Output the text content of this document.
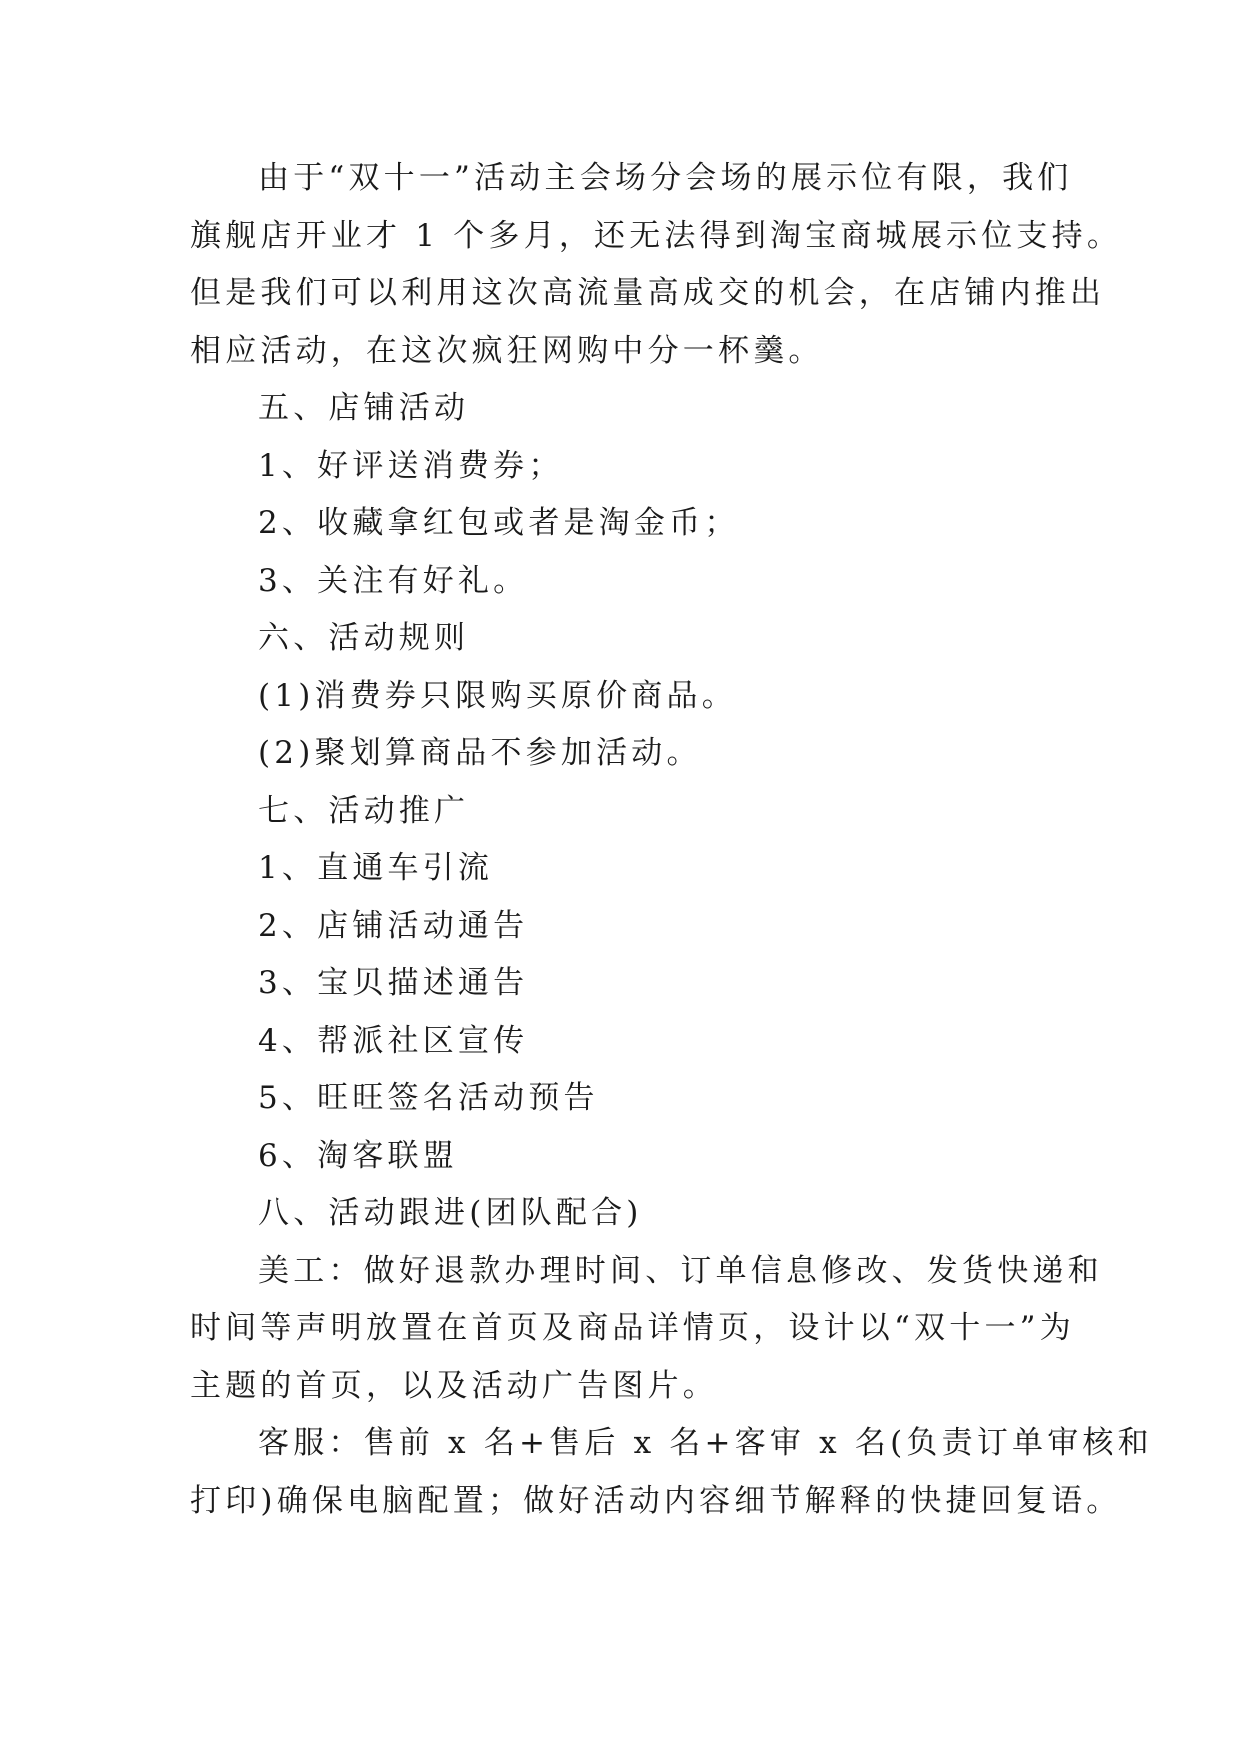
由于“双十一”活动主会场分会场的展示位有限，我们
旗舰店开业才 1 个多月，还无法得到淘宝商城展示位支持。
但是我们可以利用这次高流量高成交的机会，在店铺内推出
相应活动，在这次疯狂网购中分一杯羹。

五、店铺活动

1、好评送消费券；

2、收藏拿红包或者是淘金币；

3、关注有好礼。

六、活动规则

(1)消费券只限购买原价商品。

(2)聚划算商品不参加活动。

七、活动推广

1、直通车引流

2、店铺活动通告

3、宝贝描述通告

4、帮派社区宣传

5、旺旺签名活动预告

6、淘客联盟

八、活动跟进(团队配合)

美工：做好退款办理时间、订单信息修改、发货快递和
时间等声明放置在首页及商品详情页，设计以“双十一”为
主题的首页，以及活动广告图片。

客服：售前 x 名+售后 x 名+客审 x 名(负责订单审核和
打印)确保电脑配置；做好活动内容细节解释的快捷回复语。
